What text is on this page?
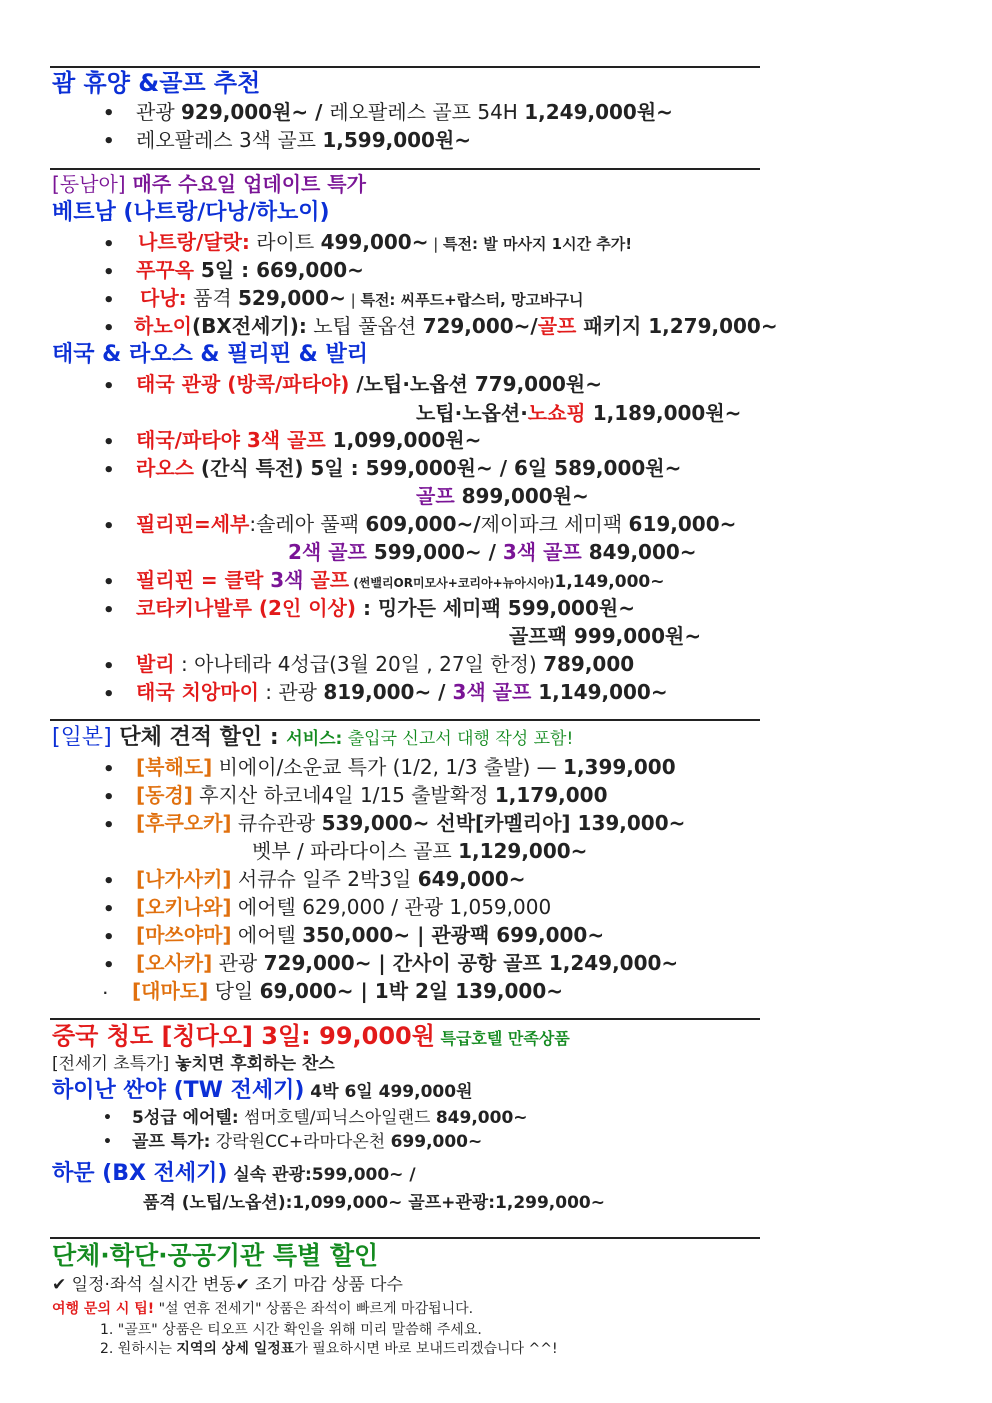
괌 휴양 &골프 추천
• 관광 929,000원~ / 레오팔레스 골프 54H 1,249,000원~
• 레오팔레스 3색 골프 1,599,000원~
[동남아] 매주 수요일 업데이트 특가
베트남 (나트랑/다낭/하노이)
• 나트랑/달랏: 라이트 499,000~ | 특전: 발 마사지 1시간 추가!
• 푸꾸옥 5일 : 669,000~
• 다낭: 품격 529,000~ | 특전: 씨푸드+랍스터, 망고바구니
• 하노이(BX전세기): 노팁 풀옵션 729,000~/골프 패키지 1,279,000~
태국 & 라오스 & 필리핀 & 발리
• 태국 관광 (방콕/파타야) /노팁·노옵션 779,000원~
노팁·노옵션·노쇼핑 1,189,000원~
• 태국/파타야 3색 골프 1,099,000원~
• 라오스 (간식 특전) 5일 : 599,000원~ / 6일 589,000원~
골프 899,000원~
• 필리핀=세부:솔레아 풀팩 609,000~/제이파크 세미팩 619,000~
2색 골프 599,000~ / 3색 골프 849,000~
• 필리핀 = 클락 3색 골프 (썬밸리OR미모사+코리아+뉴아시아)1,149,000~
• 코타키나발루 (2인 이상) : 밍가든 세미팩 599,000원~
골프팩 999,000원~
• 발리 : 아나테라 4성급(3월 20일 , 27일 한정) 789,000
• 태국 치앙마이 : 관광 819,000~ / 3색 골프 1,149,000~
[일본] 단체 견적 할인 : 서비스: 출입국 신고서 대행 작성 포함!
• [북해도] 비에이/소운쿄 특가 (1/2, 1/3 출발) — 1,399,000
• [동경] 후지산 하코네4일 1/15 출발확정 1,179,000
• [후쿠오카] 큐슈관광 539,000~ 선박[카멜리아] 139,000~
벳부 / 파라다이스 골프 1,129,000~
• [나가사키] 서큐슈 일주 2박3일 649,000~
• [오키나와] 에어텔 629,000 / 관광 1,059,000
• [마쓰야마] 에어텔 350,000~ | 관광팩 699,000~
• [오사카] 관광 729,000~ | 간사이 공항 골프 1,249,000~
. [대마도] 당일 69,000~ | 1박 2일 139,000~
중국 청도 [칭다오] 3일: 99,000원 특급호텔 만족상품
[전세기 초특가] 놓치면 후회하는 찬스
하이난 싼야 (TW 전세기) 4박 6일 499,000원
• 5성급 에어텔: 썸머호텔/피닉스아일랜드 849,000~
• 골프 특가: 강락원CC+라마다온천 699,000~
하문 (BX 전세기) 실속 관광:599,000~ /
품격 (노팁/노옵션):1,099,000~ 골프+관광:1,299,000~
단체·학단·공공기관 특별 할인
✔ 일정·좌석 실시간 변동✔ 조기 마감 상품 다수
여행 문의 시 팁! "설 연휴 전세기" 상품은 좌석이 빠르게 마감됩니다.
1. "골프" 상품은 티오프 시간 확인을 위해 미리 말씀해 주세요.
2. 원하시는 지역의 상세 일정표가 필요하시면 바로 보내드리겠습니다 ^^!
